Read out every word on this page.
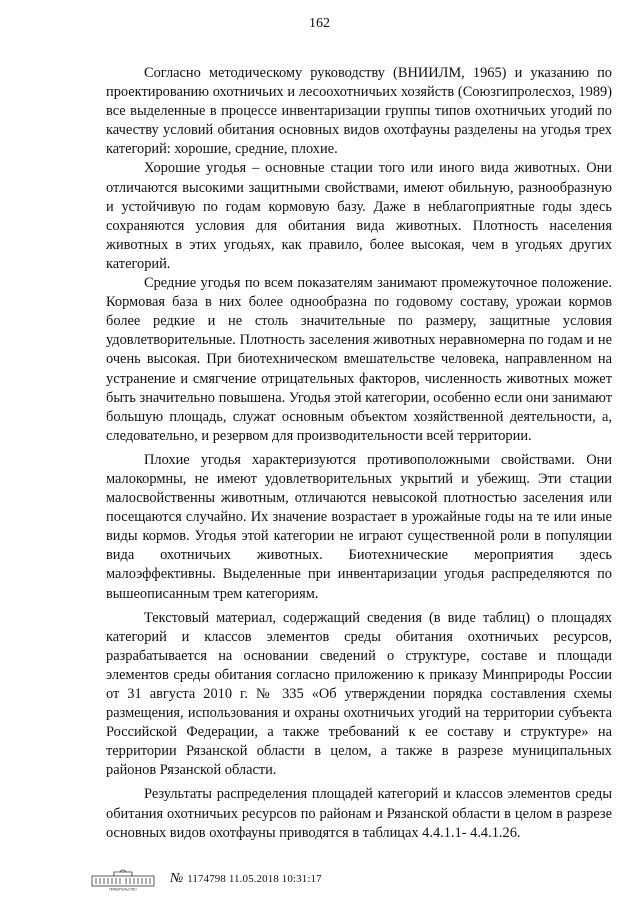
162

Согласно методическому руководству (ВНИИЛМ, 1965) и указанию по проектированию охотничьих и лесоохотничьих хозяйств (Союзгипролесхоз, 1989) все выделенные в процессе инвентаризации группы типов охотничьих угодий по качеству условий обитания основных видов охотфауны разделены на угодья трех категорий: хорошие, средние, плохие.

Хорошие угодья – основные стации того или иного вида животных. Они отличаются высокими защитными свойствами, имеют обильную, разнообразную и устойчивую по годам кормовую базу. Даже в неблагоприятные годы здесь сохраняются условия для обитания вида животных. Плотность населения животных в этих угодьях, как правило, более высокая, чем в угодьях других категорий.

Средние угодья по всем показателям занимают промежуточное положение. Кормовая база в них более однообразна по годовому составу, урожаи кормов более редкие и не столь значительные по размеру, защитные условия удовлетворительные. Плотность заселения животных неравномерна по годам и не очень высокая. При биотехническом вмешательстве человека, направленном на устранение и смягчение отрицательных факторов, численность животных может быть значительно повышена. Угодья этой категории, особенно если они занимают большую площадь, служат основным объектом хозяйственной деятельности, а, следовательно, и резервом для производительности всей территории.

Плохие угодья характеризуются противоположными свойствами. Они малокормны, не имеют удовлетворительных укрытий и убежищ. Эти стации малосвойственны животным, отличаются невысокой плотностью заселения или посещаются случайно. Их значение возрастает в урожайные годы на те или иные виды кормов. Угодья этой категории не играют существенной роли в популяции вида охотничьих животных. Биотехнические мероприятия здесь малоэффективны. Выделенные при инвентаризации угодья распределяются по вышеописанным трем категориям.

Текстовый материал, содержащий сведения (в виде таблиц) о площадях категорий и классов элементов среды обитания охотничьих ресурсов, разрабатывается на основании сведений о структуре, составе и площади элементов среды обитания согласно приложению к приказу Минприроды России от 31 августа 2010 г. № 335 «Об утверждении порядка составления схемы размещения, использования и охраны охотничьих угодий на территории субъекта Российской Федерации, а также требований к ее составу и структуре» на территории Рязанской области в целом, а также в разрезе муниципальных районов Рязанской области.

Результаты распределения площадей категорий и классов элементов среды обитания охотничьих ресурсов по районам и Рязанской области в целом в разрезе основных видов охотфауны приводятся в таблицах 4.4.1.1- 4.4.1.26.

ПРАВИТЕЛЬСТВО
№ 1174798 11.05.2018 10:31:17
